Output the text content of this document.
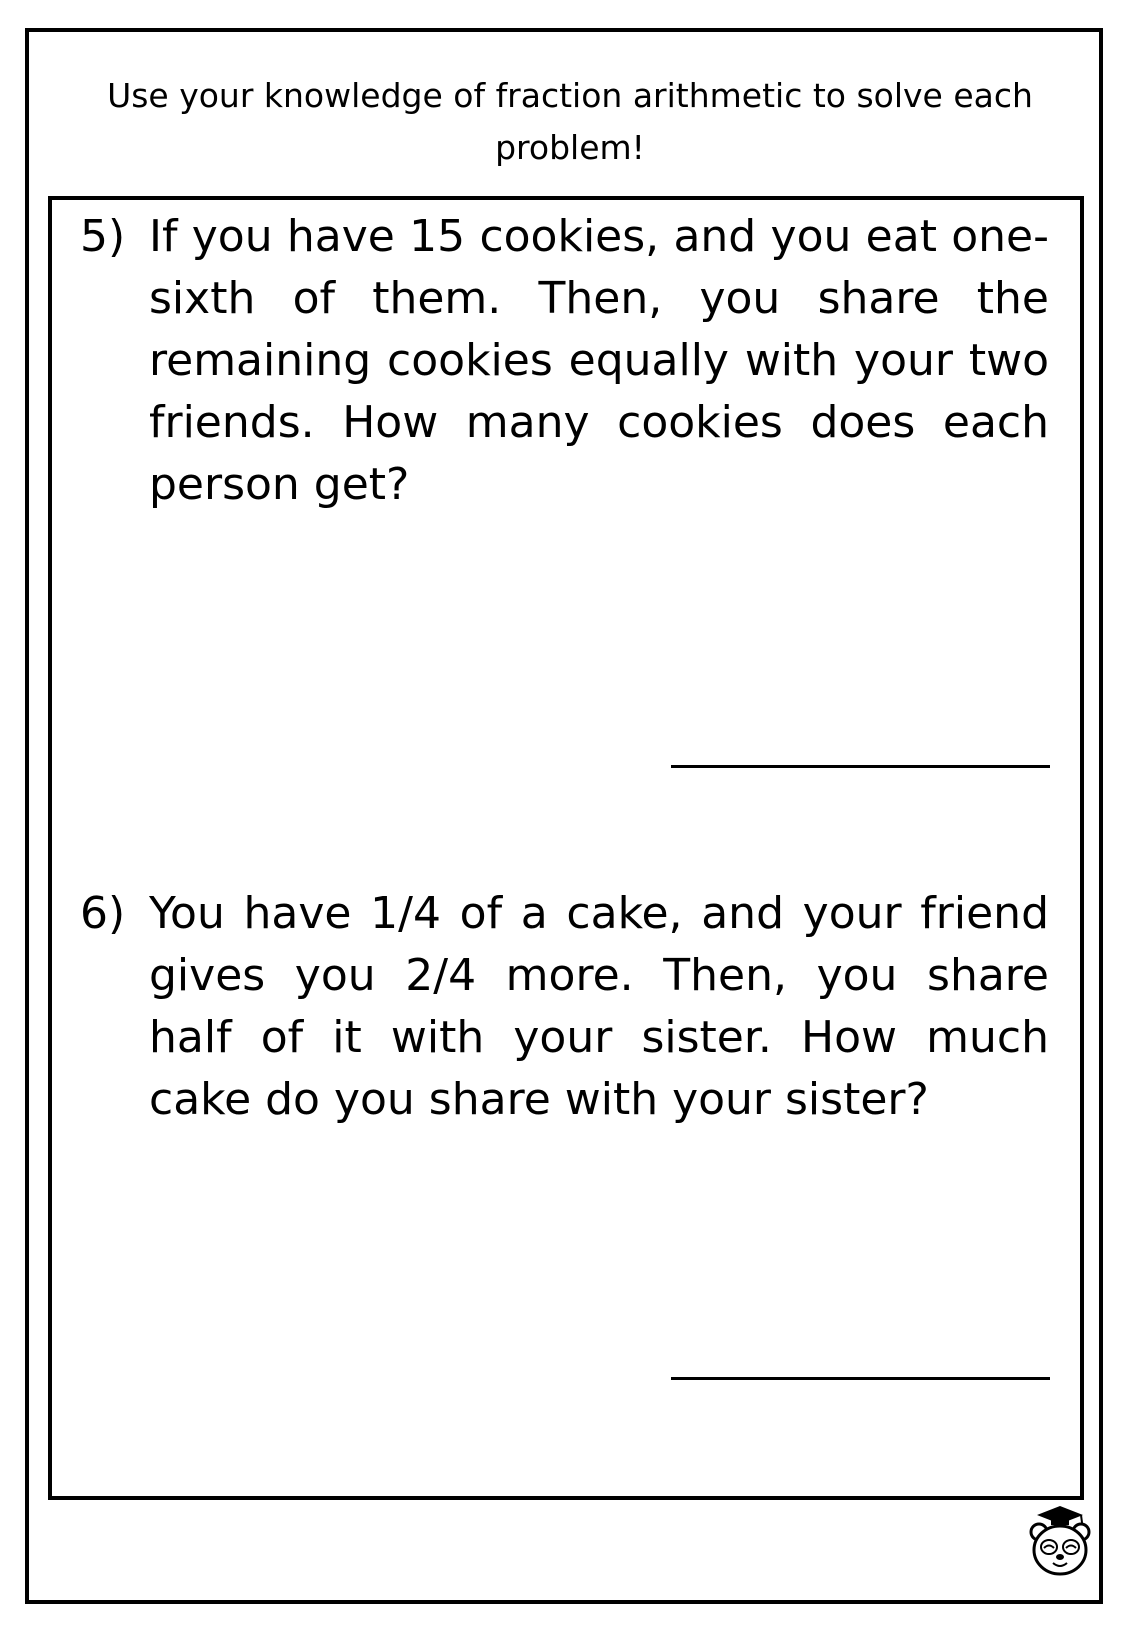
Use your knowledge of fraction arithmetic to solve each problem!
5) If you have 15 cookies, and you eat one-sixth of them. Then, you share the remaining cookies equally with your two friends. How many cookies does each person get?
6) You have 1/4 of a cake, and your friend gives you 2/4 more. Then, you share half of it with your sister. How much cake do you share with your sister?
